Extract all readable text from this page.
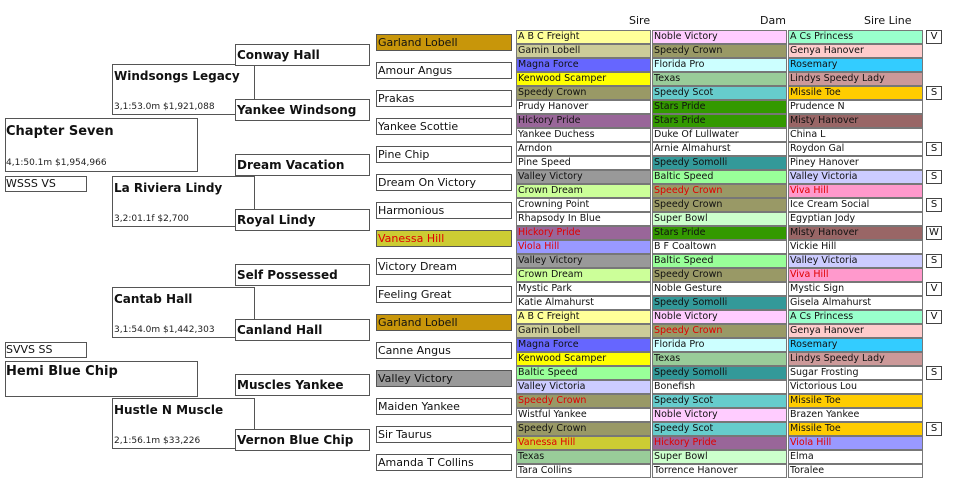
Sire	Dam	Sire Line
Chapter Seven
4,1:50.1m $1,954,966
WSSS VS
SVVS SS
Hemi Blue Chip
Windsongs Legacy
3,1:53.0m $1,921,088
La Riviera Lindy
3,2:01.1f $2,700
Cantab Hall
3,1:54.0m $1,442,303
Hustle N Muscle
2,1:56.1m $33,226
Conway Hall
Yankee Windsong
Dream Vacation
Royal Lindy
Self Possessed
Canland Hall
Muscles Yankee
Vernon Blue Chip
Garland Lobell
Amour Angus
Prakas
Yankee Scottie
Pine Chip
Dream On Victory
Harmonious
Vanessa Hill
Victory Dream
Feeling Great
Garland Lobell
Canne Angus
Valley Victory
Maiden Yankee
Sir Taurus
Amanda T Collins
A B C Freight
Gamin Lobell
Magna Force
Kenwood Scamper
Speedy Crown
Prudy Hanover
Hickory Pride
Yankee Duchess
Arndon
Pine Speed
Valley Victory
Crown Dream
Crowning Point
Rhapsody In Blue
Hickory Pride
Viola Hill
Valley Victory
Crown Dream
Mystic Park
Katie Almahurst
A B C Freight
Gamin Lobell
Magna Force
Kenwood Scamper
Baltic Speed
Valley Victoria
Speedy Crown
Wistful Yankee
Speedy Crown
Vanessa Hill
Texas
Tara Collins
Noble Victory
Speedy Crown
Florida Pro
Texas
Speedy Scot
Stars Pride
Stars Pride
Duke Of Lullwater
Arnie Almahurst
Speedy Somolli
Baltic Speed
Speedy Crown
Speedy Crown
Super Bowl
Stars Pride
B F Coaltown
Baltic Speed
Speedy Crown
Noble Gesture
Speedy Somolli
Noble Victory
Speedy Crown
Florida Pro
Texas
Speedy Somolli
Bonefish
Speedy Scot
Noble Victory
Speedy Scot
Hickory Pride
Super Bowl
Torrence Hanover
A Cs Princess
Genya Hanover
Rosemary
Lindys Speedy Lady
Missile Toe
Prudence N
Misty Hanover
China L
Roydon Gal
Piney Hanover
Valley Victoria
Viva Hill
Ice Cream Social
Egyptian Jody
Misty Hanover
Vickie Hill
Valley Victoria
Viva Hill
Mystic Sign
Gisela Almahurst
A Cs Princess
Genya Hanover
Rosemary
Lindys Speedy Lady
Sugar Frosting
Victorious Lou
Missile Toe
Brazen Yankee
Missile Toe
Viola Hill
Elma
Toralee
V
S
S
S
S
W
S
V
V
S
S
